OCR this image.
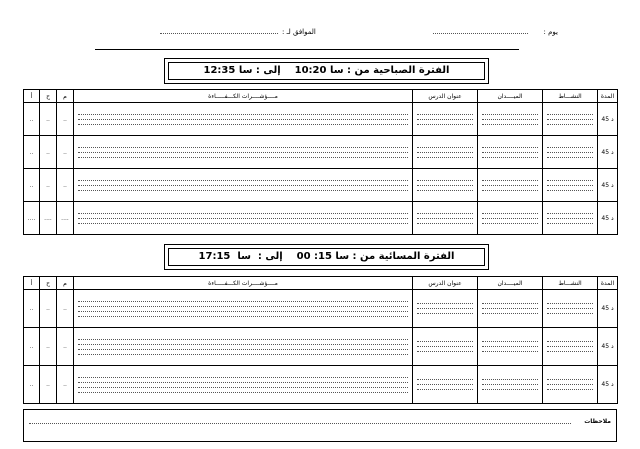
يوم :
الموافق لـ :
الفترة الصباحية من : سا 10:20    إلى : سا 12:35
أ	ح	م	مــــؤشــــرات الكـــفـــــاءة	عنوان الدرس	الميــــدان	النشـــاط	المدة
..	..	..					45 د
..	..	..					45 د
..	..	..					45 د
....	....	....					45 د
الفترة المسائية من : سا 15: 00    إلى :  سا  17:15
أ	ح	م	مــــؤشــــرات الكـــفـــــاءة	عنوان الدرس	الميــــدان	النشـــاط	المدة
..	..	..					45 د
..	..	..					45 د
..	..	..					45 د
ملاحظات
